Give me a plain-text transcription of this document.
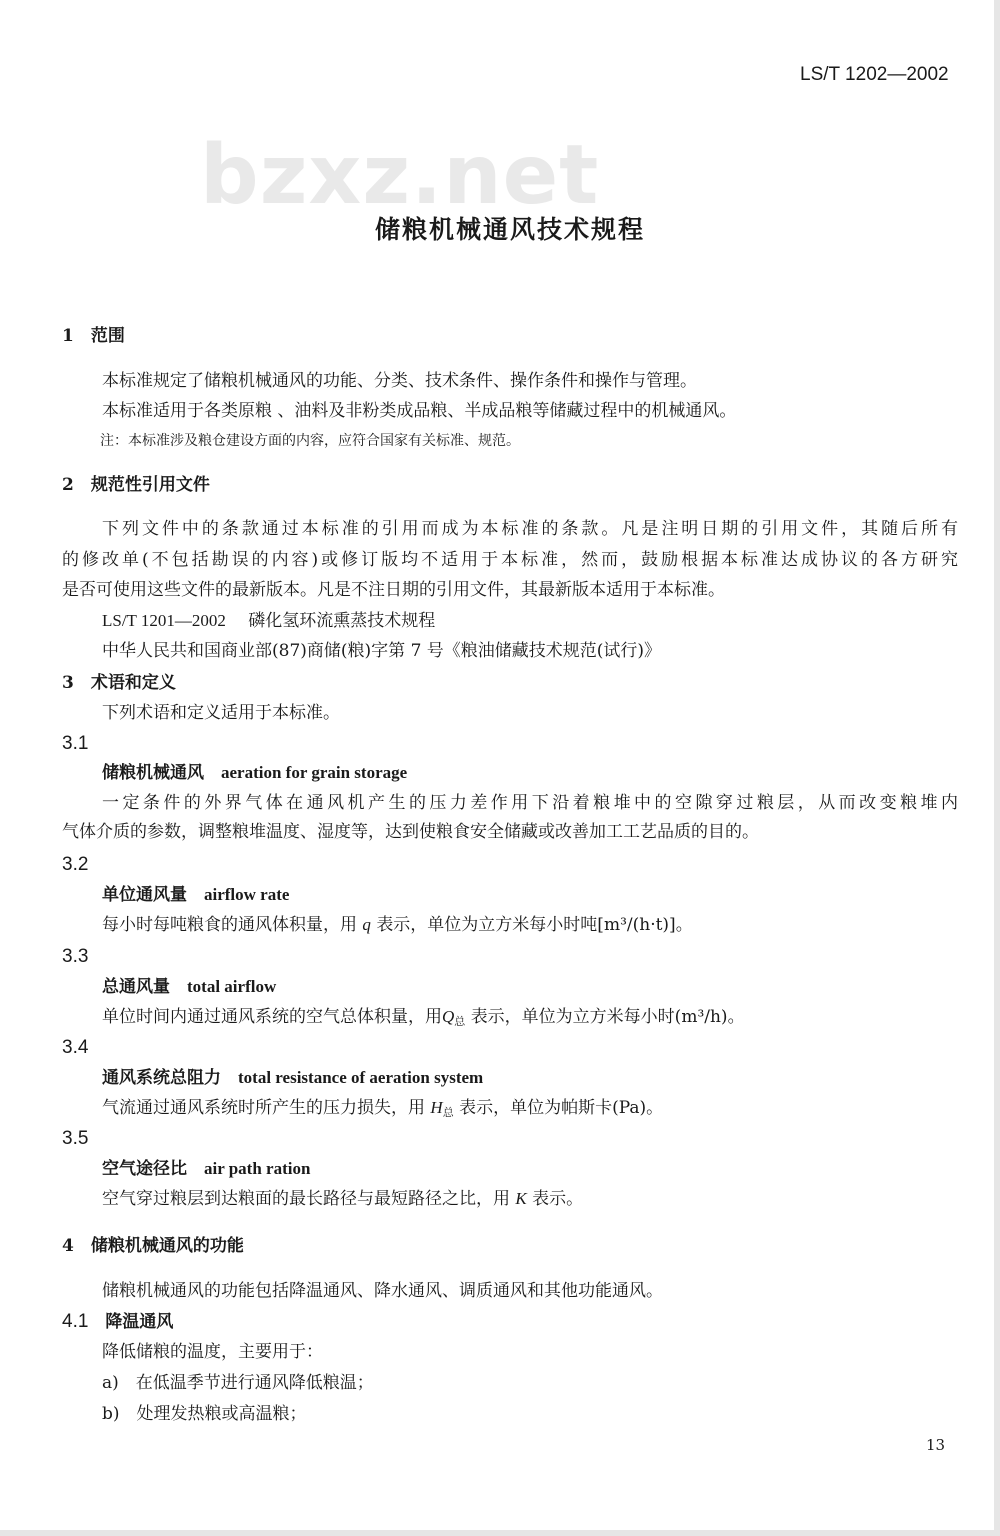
LS/T 1202—2002
bzxz.net
储粮机械通风技术规程
1　范围
本标准规定了储粮机械通风的功能、分类、技术条件、操作条件和操作与管理。
本标准适用于各类原粮 、油料及非粉类成品粮、半成品粮等储藏过程中的机械通风。
注：本标准涉及粮仓建设方面的内容，应符合国家有关标准、规范。
2　规范性引用文件
下列文件中的条款通过本标准的引用而成为本标准的条款。凡是注明日期的引用文件，其随后所有
的修改单(不包括勘误的内容)或修订版均不适用于本标准，然而，鼓励根据本标准达成协议的各方研究
是否可使用这些文件的最新版本。凡是不注日期的引用文件，其最新版本适用于本标准。
LS/T 1201—2002　 磷化氢环流熏蒸技术规程
中华人民共和国商业部(87)商储(粮)字第 7 号《粮油储藏技术规范(试行)》
3　术语和定义
下列术语和定义适用于本标准。
3.1
储粮机械通风　 aeration for grain storage
一定条件的外界气体在通风机产生的压力差作用下沿着粮堆中的空隙穿过粮层，从而改变粮堆内
气体介质的参数，调整粮堆温度、湿度等，达到使粮食安全储藏或改善加工工艺品质的目的。
3.2
单位通风量　 airflow rate
每小时每吨粮食的通风体积量，用 q 表示，单位为立方米每小时吨[m³/(h·t)]。
3.3
总通风量　 total airflow
单位时间内通过通风系统的空气总体积量，用$Q_总$ 表示，单位为立方米每小时(m³/h)。
3.4
通风系统总阻力　 total resistance of aeration system
气流通过通风系统时所产生的压力损失，用 $H_总$ 表示，单位为帕斯卡(Pa)。
3.5
空气途径比　 air path ration
空气穿过粮层到达粮面的最长路径与最短路径之比，用 K 表示。
4　储粮机械通风的功能
储粮机械通风的功能包括降温通风、降水通风、调质通风和其他功能通风。
4.1　 降温通风
降低储粮的温度，主要用于：
a)　在低温季节进行通风降低粮温；
b)　处理发热粮或高温粮；
13
